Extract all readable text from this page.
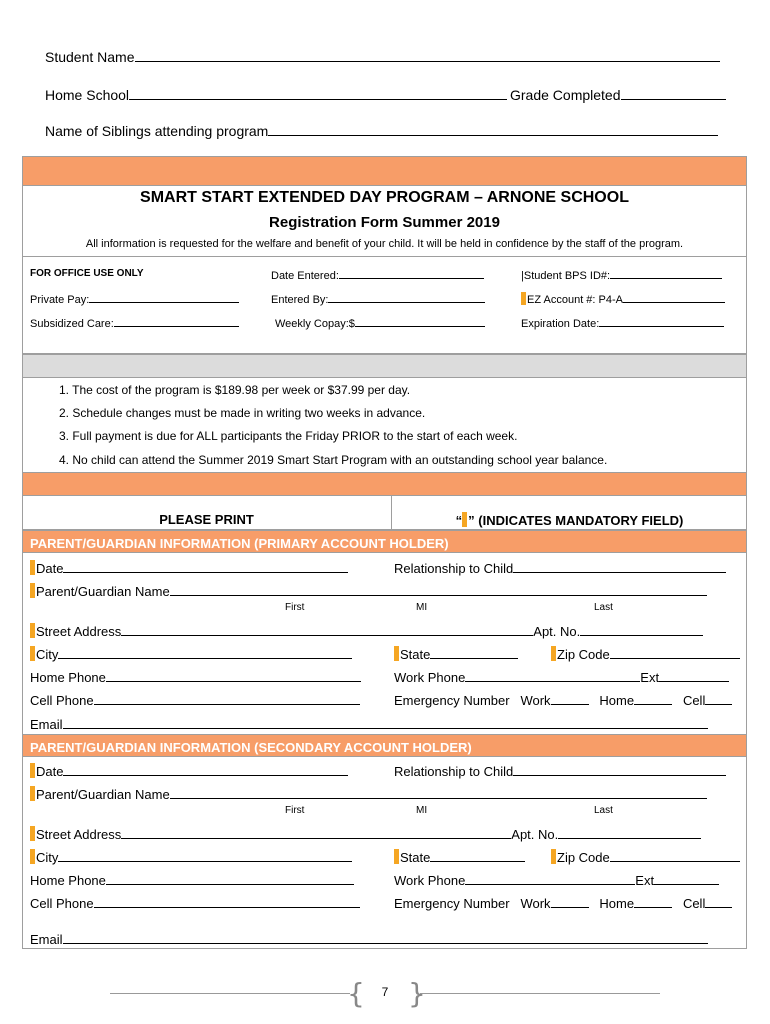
Student Name
Home School	Grade Completed
Name of Siblings attending program
SMART START EXTENDED DAY PROGRAM – ARNONE SCHOOL
Registration Form Summer 2019
All information is requested for the welfare and benefit of your child. It will be held in confidence by the staff of the program.
FOR OFFICE USE ONLY	Date Entered:	|Student BPS ID#:
Private Pay:	Entered By:	EZ Account #: P4-A
Subsidized Care:	Weekly Copay:$	Expiration Date:
1. The cost of the program is $189.98 per week or $37.99 per day.
2. Schedule changes must be made in writing two weeks in advance.
3. Full payment is due for ALL participants the Friday PRIOR to the start of each week.
4. No child can attend the Summer 2019 Smart Start Program with an outstanding school year balance.
PLEASE PRINT	“ ” (INDICATES MANDATORY FIELD)
PARENT/GUARDIAN INFORMATION (PRIMARY ACCOUNT HOLDER)
Date	Relationship to Child
Parent/Guardian Name
First	MI	Last
Street Address	Apt. No.
City	State	Zip Code
Home Phone	Work Phone	Ext
Cell Phone	Emergency Number Work	Home	Cell
Email
PARENT/GUARDIAN INFORMATION (SECONDARY ACCOUNT HOLDER)
Date	Relationship to Child
Parent/Guardian Name
First	MI	Last
Street Address	Apt. No.
City	State	Zip Code
Home Phone	Work Phone	Ext
Cell Phone	Emergency Number Work	Home	Cell
Email
{ }
7
